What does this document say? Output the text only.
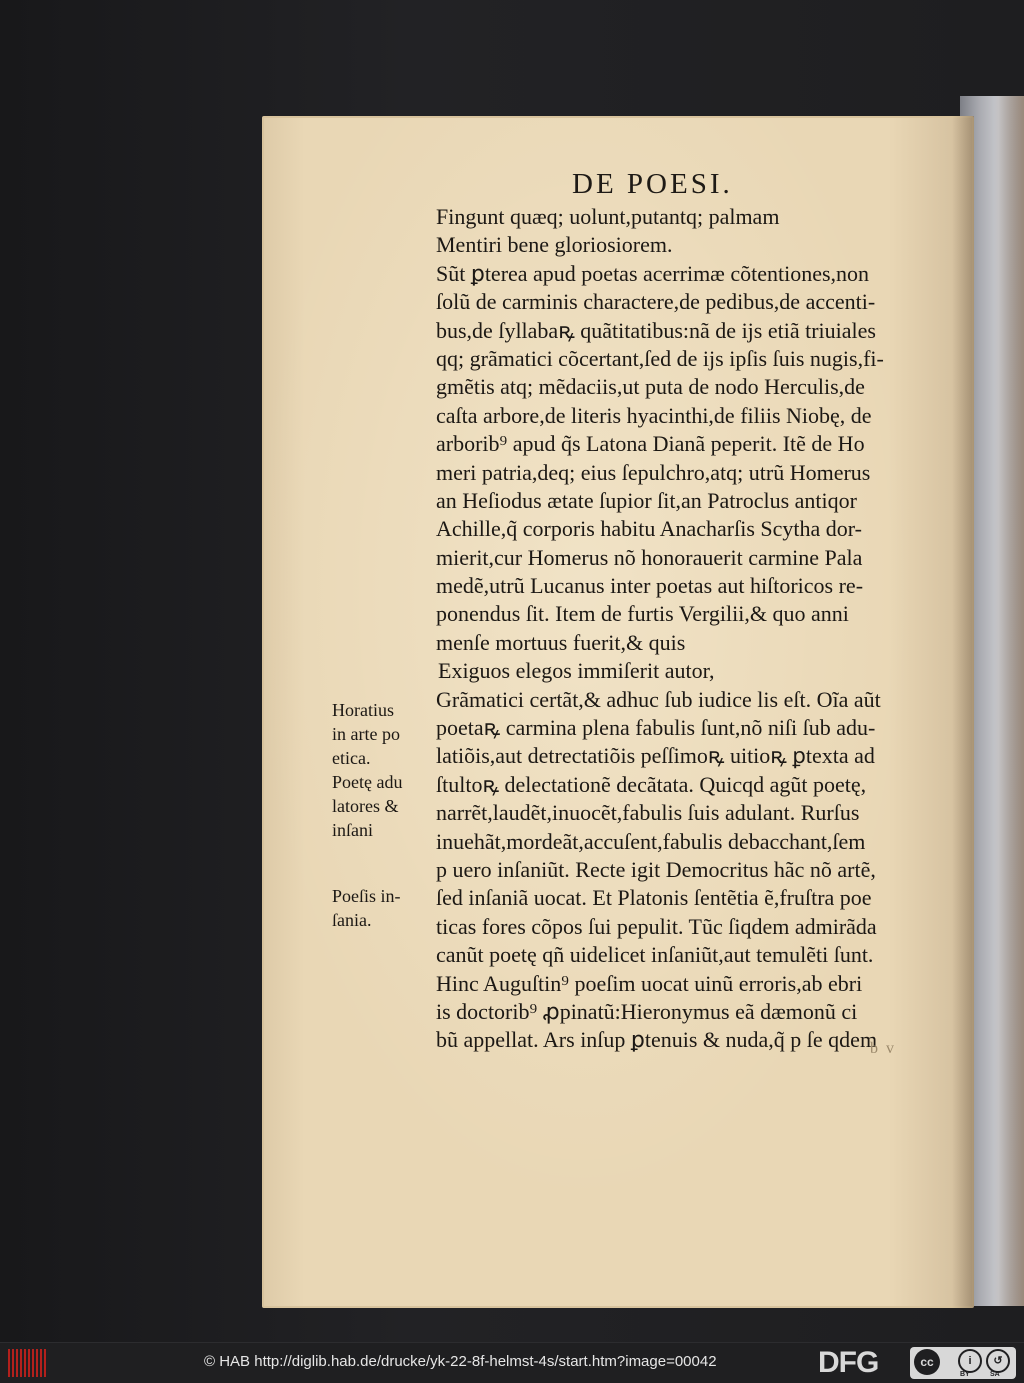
DE POESI.
Fingunt quæq; uolunt,putantq; palmam
Mentiri bene gloriosiorem.
Sũt ꝑterea apud poetas acerrimæ cõtentiones,non
ſolũ de carminis charactere,de pedibus,de accenti-
bus,de ſyllabaꝶ quãtitatibus:nã de ijs etiã triuiales
qq; grãmatici cõcertant,ſed de ijs ipſis ſuis nugis,fi-
gmẽtis atq; mẽdaciis,ut puta de nodo Herculis,de
caſta arbore,de literis hyacinthi,de filiis Niobę, de
arborib⁹ apud q̃s Latona Dianã peperit. Itẽ de Ho
meri patria,deq; eius ſepulchro,atq; utrũ Homerus
an Heſiodus ætate ſupior ſit,an Patroclus antiqor
Achille,q̃ corporis habitu Anacharſis Scytha dor-
mierit,cur Homerus nõ honorauerit carmine Pala
medẽ,utrũ Lucanus inter poetas aut hiſtoricos re-
ponendus ſit. Item de furtis Vergilii,& quo anni
menſe mortuus fuerit,& quis
Exiguos elegos immiſerit autor,
Grãmatici certãt,& adhuc ſub iudice lis eſt. Oĩa aũt
poetaꝶ carmina plena fabulis ſunt,nõ niſi ſub adu-
latiõis,aut detrectatiõis peſſimoꝶ uitioꝶ ꝑtexta ad
ſtultoꝶ delectationẽ decãtata. Quicqd agũt poetę,
narrẽt,laudẽt,inuocẽt,fabulis ſuis adulant. Rurſus
inuehãt,mordeãt,accuſent,fabulis debacchant,ſem
p uero inſaniũt. Recte igit Democritus hãc nõ artẽ,
ſed inſaniã uocat. Et Platonis ſentẽtia ẽ,fruſtra poe
ticas fores cõpos ſui pepulit. Tũc ſiqdem admirãda
canũt poetę qñ uidelicet inſaniũt,aut temulẽti ſunt.
Hinc Auguſtin⁹ poeſim uocat uinũ erroris,ab ebri
is doctorib⁹ ꝓpinatũ:Hieronymus eã dæmonũ ci
bũ appellat. Ars inſup ꝑtenuis & nuda,q̃ p ſe qdem
Horatius
in arte po
etica.
Poetę adu
latores &
inſani
Poeſis in-
ſania.
b v
© HAB http://diglib.hab.de/drucke/yk-22-8f-helmst-4s/start.htm?image=00042	DFG	cc	i	↺
BY	SA
